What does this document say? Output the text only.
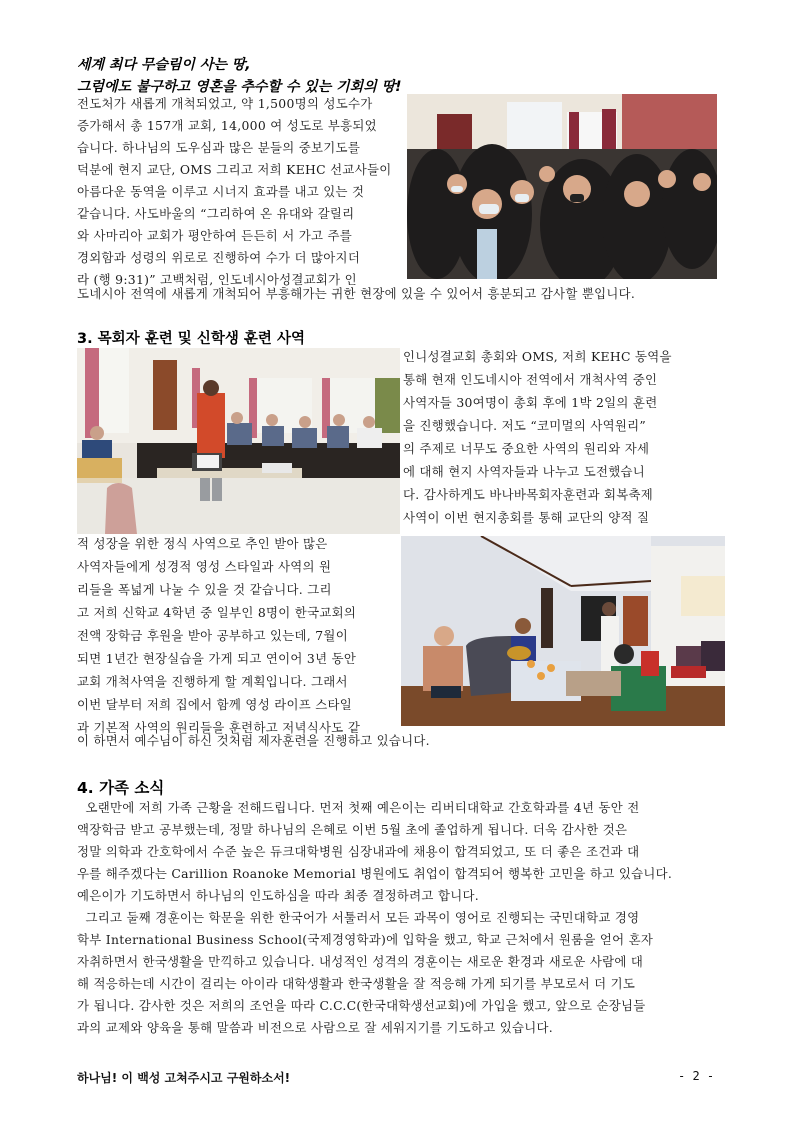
세계 최다 무슬림이 사는 땅,
그럼에도 불구하고 영혼을 추수할 수 있는 기회의 땅!
전도처가 새롭게 개척되었고, 약 1,500명의 성도수가
증가해서 총 157개 교회, 14,000 여 성도로 부흥되었
습니다. 하나님의 도우심과 많은 분들의 중보기도를
덕분에 현지 교단, OMS 그리고 저희 KEHC 선교사들이
아름다운 동역을 이루고 시너지 효과를 내고 있는 것
같습니다. 사도바울의 “그리하여 온 유대와 갈릴리
와 사마리아 교회가 평안하여 든든히 서 가고 주를
경외함과 성령의 위로로 진행하여 수가 더 많아지더
라 (행 9:31)” 고백처럼, 인도네시아성결교회가 인
도네시아 전역에 새롭게 개척되어 부흥해가는 귀한 현장에 있을 수 있어서 흥분되고 감사할 뿐입니다.
3. 목회자 훈련 및 신학생 훈련 사역
인니성결교회 총회와 OMS, 저희 KEHC 동역을
통해 현재 인도네시아 전역에서 개척사역 중인
사역자들 30여명이 총회 후에 1박 2일의 훈련
을 진행했습니다. 저도 “코미멀의 사역원리”
의 주제로 너무도 중요한 사역의 원리와 자세
에 대해 현지 사역자들과 나누고 도전했습니
다. 감사하게도 바나바목회자훈련과 회복축제
사역이 이번 현지총회를 통해 교단의 양적 질
적 성장을 위한 정식 사역으로 추인 받아 많은
사역자들에게 성경적 영성 스타일과 사역의 원
리들을 폭넓게 나눌 수 있을 것 같습니다. 그리
고 저희 신학교 4학년 중 일부인 8명이 한국교회의
전액 장학금 후원을 받아 공부하고 있는데, 7월이
되면 1년간 현장실습을 가게 되고 연이어 3년 동안
교회 개척사역을 진행하게 할 계획입니다. 그래서
이번 달부터 저희 집에서 함께 영성 라이프 스타일
과 기본적 사역의 원리들을 훈련하고 저녁식사도 같
이 하면서 예수님이 하신 것처럼 제자훈련을 진행하고 있습니다.
4. 가족 소식
오랜만에 저희 가족 근황을 전해드립니다. 먼저 첫째 예은이는 리버티대학교 간호학과를 4년 동안 전
액장학금 받고 공부했는데, 정말 하나님의 은혜로 이번 5월 초에 졸업하게 됩니다. 더욱 감사한 것은
정말 의학과 간호학에서 수준 높은 듀크대학병원 심장내과에 채용이 합격되었고, 또 더 좋은 조건과 대
우를 해주겠다는 Carillion Roanoke Memorial 병원에도 취업이 합격되어 행복한 고민을 하고 있습니다.
예은이가 기도하면서 하나님의 인도하심을 따라 최종 결정하려고 합니다.
그리고 둘째 경훈이는 학문을 위한 한국어가 서툴러서 모든 과목이 영어로 진행되는 국민대학교 경영
학부 International Business School(국제경영학과)에 입학을 했고, 학교 근처에서 원룸을 얻어 혼자
자취하면서 한국생활을 만끽하고 있습니다. 내성적인 성격의 경훈이는 새로운 환경과 새로운 사람에 대
해 적응하는데 시간이 걸리는 아이라 대학생활과 한국생활을 잘 적응해 가게 되기를 부모로서 더 기도
가 됩니다. 감사한 것은 저희의 조언을 따라 C.C.C(한국대학생선교회)에 가입을 했고, 앞으로 순장님들
과의 교제와 양육을 통해 말씀과 비전으로 사람으로 잘 세워지기를 기도하고 있습니다.
하나님! 이 백성 고쳐주시고 구원하소서!	- 2 -
